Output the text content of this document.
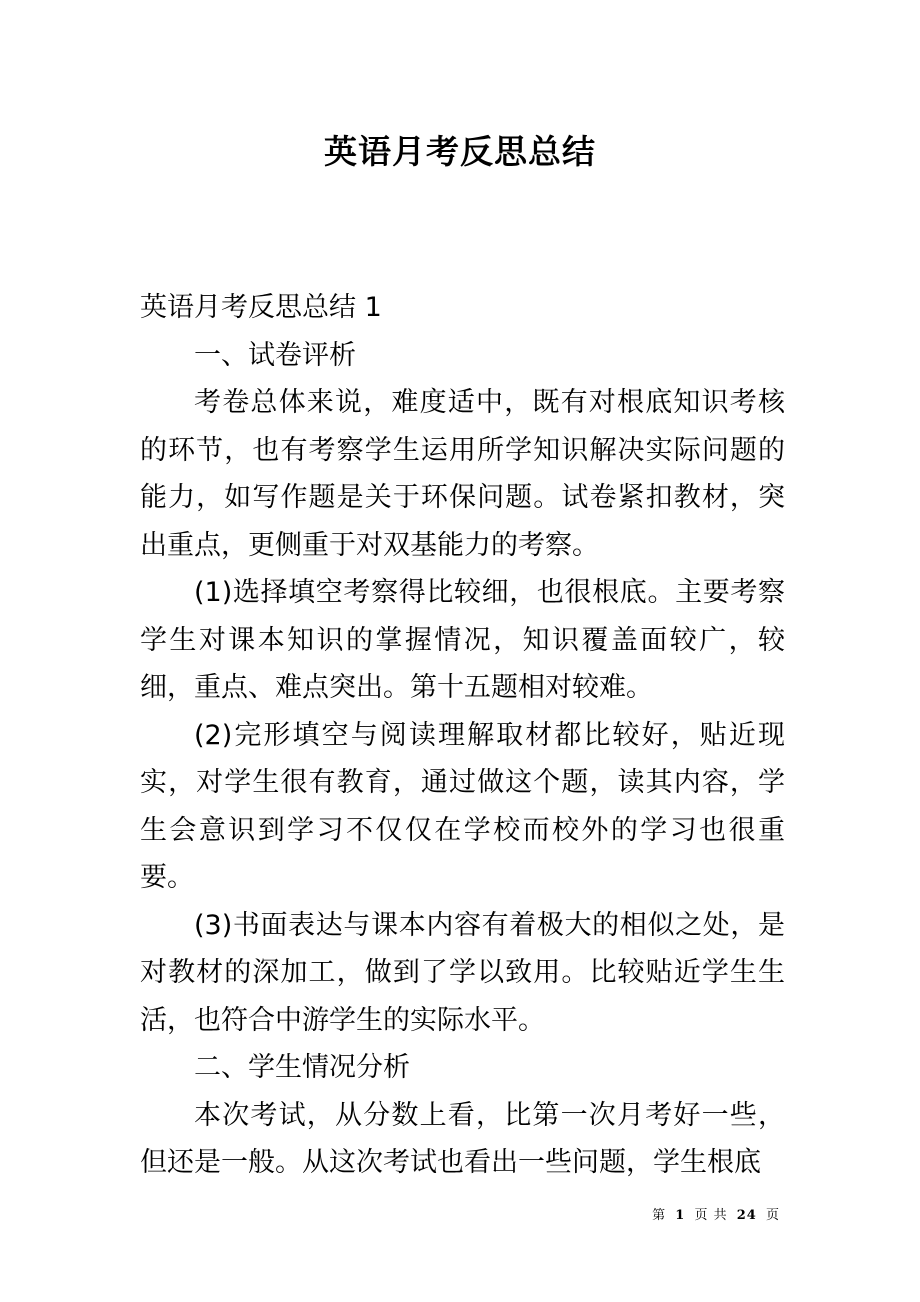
英语月考反思总结

英语月考反思总结 1

一、试卷评析

考卷总体来说，难度适中，既有对根底知识考核的环节，也有考察学生运用所学知识解决实际问题的能力，如写作题是关于环保问题。试卷紧扣教材，突出重点，更侧重于对双基能力的考察。

(1)选择填空考察得比较细，也很根底。主要考察学生对课本知识的掌握情况，知识覆盖面较广，较细，重点、难点突出。第十五题相对较难。

(2)完形填空与阅读理解取材都比较好，贴近现实，对学生很有教育，通过做这个题，读其内容，学生会意识到学习不仅仅在学校而校外的学习也很重要。

(3)书面表达与课本内容有着极大的相似之处，是对教材的深加工，做到了学以致用。比较贴近学生生活，也符合中游学生的实际水平。

二、学生情况分析

本次考试，从分数上看，比第一次月考好一些，但还是一般。从这次考试也看出一些问题，学生根底

第 1 页 共 24 页
